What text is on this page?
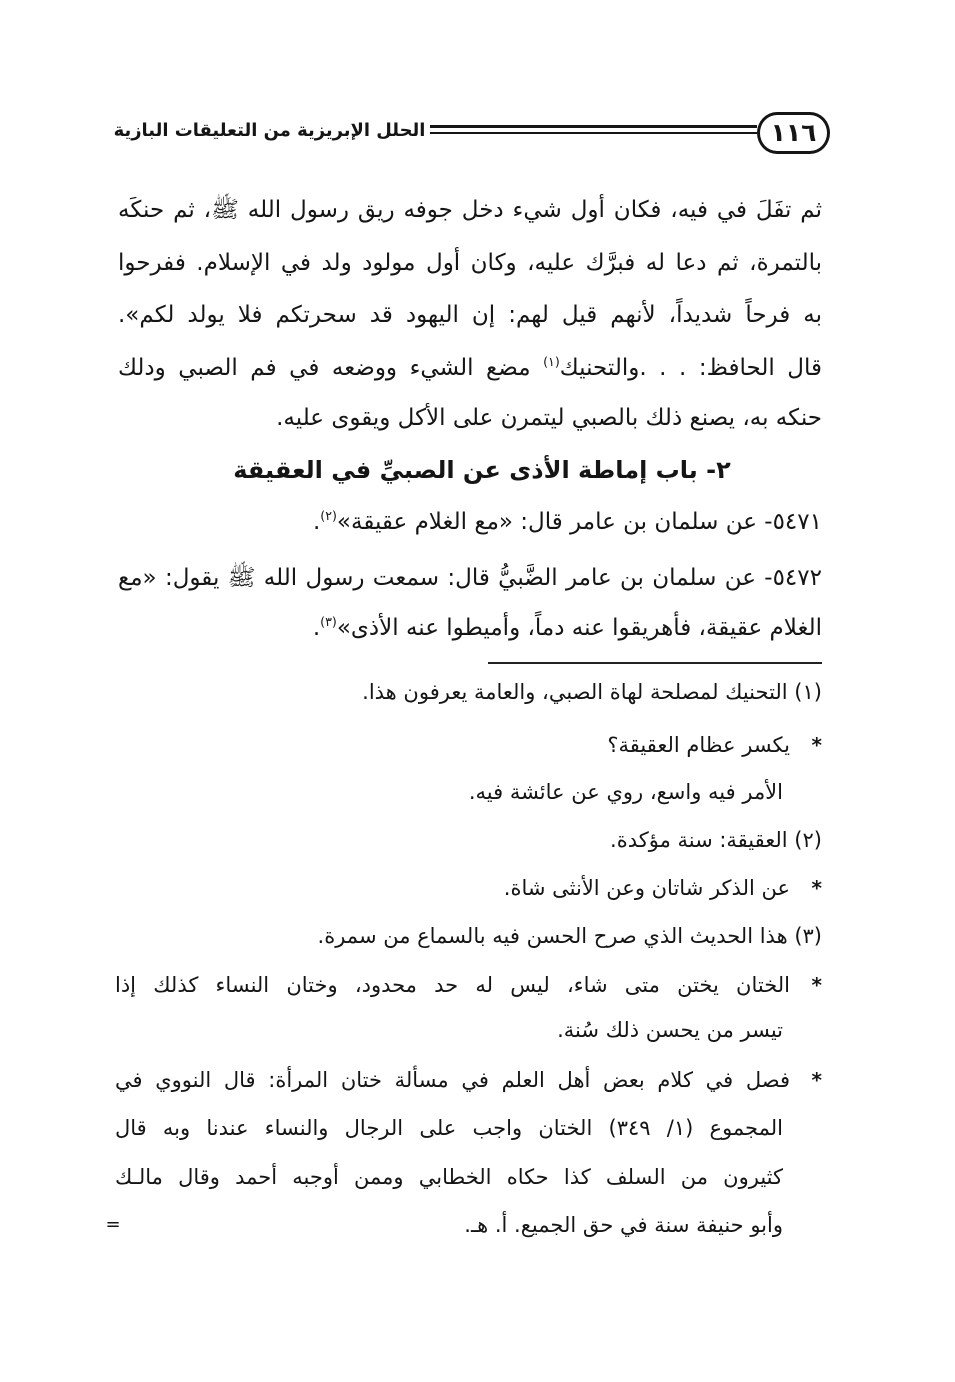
١١٦
الحلل الإبريزية من التعليقات البازية
ثم تفَلَ في فيه، فكان أول شيء دخل جوفه ريق رسول الله ﷺ، ثم حنكَه
بالتمرة، ثم دعا له فبرَّك عليه، وكان أول مولود ولد في الإسلام. ففرحوا
به فرحاً شديداً، لأنهم قيل لهم: إن اليهود قد سحرتكم فلا يولد لكم».
قال الحافظ: . . .والتحنيك$^{(١)}$ مضع الشيء ووضعه في فم الصبي ودلك
حنكه به، يصنع ذلك بالصبي ليتمرن على الأكل ويقوى عليه.
٢- باب إماطة الأذى عن الصبيِّ في العقيقة
٥٤٧١- عن سلمان بن عامر قال: «مع الغلام عقيقة»$^{(٢)}$.
٥٤٧٢- عن سلمان بن عامر الضَّبيُّ قال: سمعت رسول الله ﷺ يقول: «مع
الغلام عقيقة، فأهريقوا عنه دماً، وأميطوا عنه الأذى»$^{(٣)}$.
(١) التحنيك لمصلحة لهاة الصبي، والعامة يعرفون هذا.
*
يكسر عظام العقيقة؟
الأمر فيه واسع، روي عن عائشة فيه.
(٢) العقيقة: سنة مؤكدة.
*
عن الذكر شاتان وعن الأنثى شاة.
(٣) هذا الحديث الذي صرح الحسن فيه بالسماع من سمرة.
*
الختان يختن متى شاء، ليس له حد محدود، وختان النساء كذلك إذا
تيسر من يحسن ذلك سُنة.
*
فصل في كلام بعض أهل العلم في مسألة ختان المرأة: قال النووي في
المجموع (١/ ٣٤٩) الختان واجب على الرجال والنساء عندنا وبه قال
كثيرون من السلف كذا حكاه الخطابي وممن أوجبه أحمد وقال مالـك
وأبو حنيفة سنة في حق الجميع. أ. هـ.
=
